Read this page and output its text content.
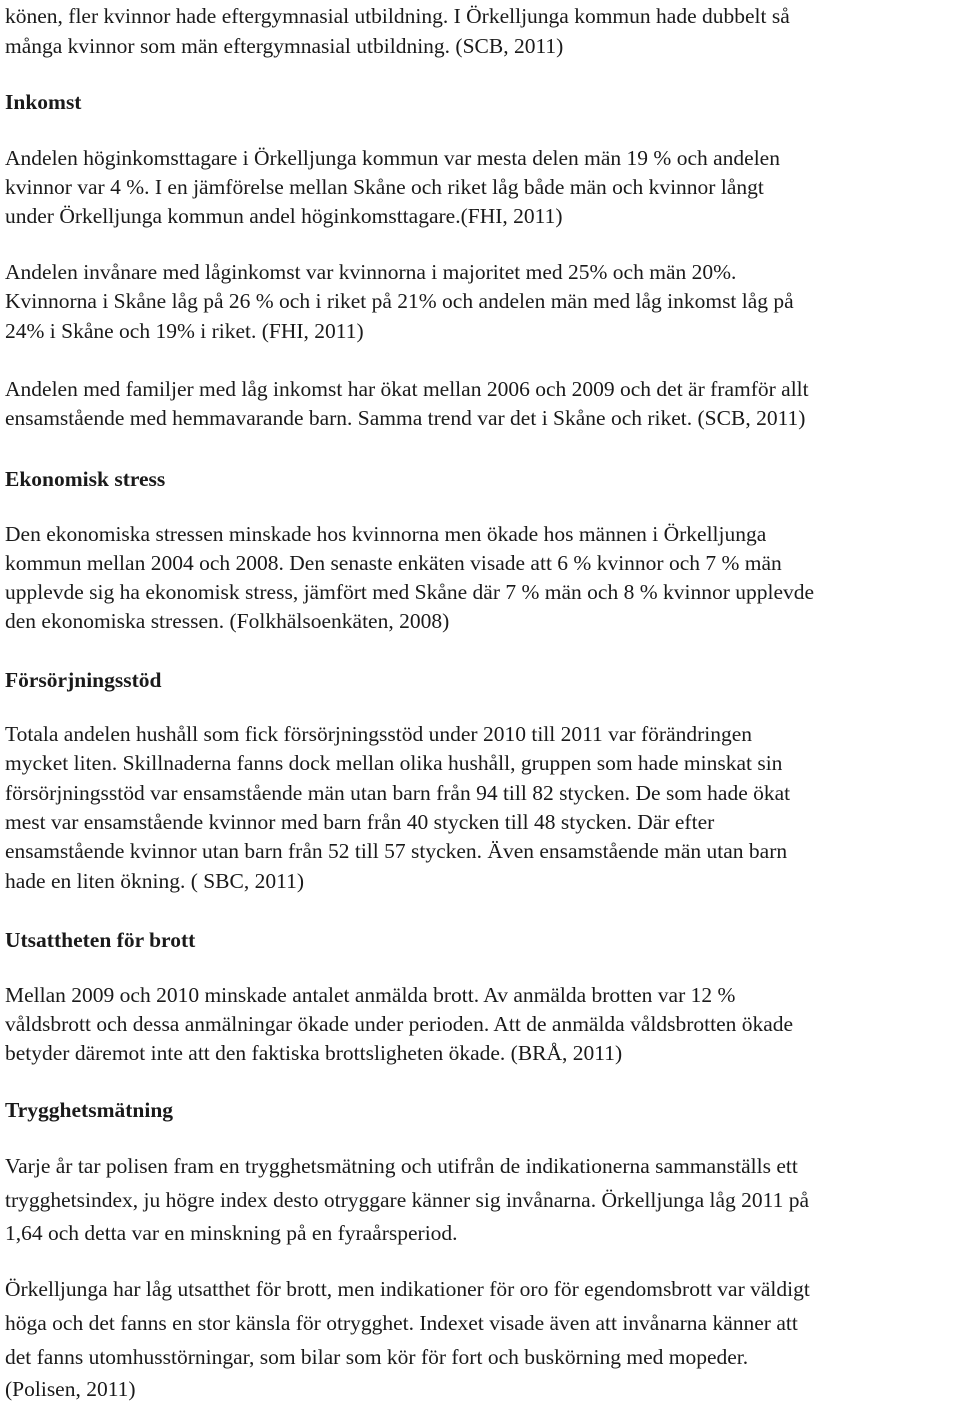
könen, fler kvinnor hade eftergymnasial utbildning. I Örkelljunga kommun hade dubbelt så
många kvinnor som män eftergymnasial utbildning. (SCB, 2011)
Inkomst
Andelen höginkomsttagare i Örkelljunga kommun var mesta delen män 19 % och andelen
kvinnor var 4 %. I en jämförelse mellan Skåne och riket låg både män och kvinnor långt
under Örkelljunga kommun andel höginkomsttagare.(FHI, 2011)
Andelen invånare med låginkomst var kvinnorna i majoritet med 25% och män 20%.
Kvinnorna i Skåne låg på 26 % och i riket på 21% och andelen män med låg inkomst låg på
24% i Skåne och 19% i riket. (FHI, 2011)
Andelen med familjer med låg inkomst har ökat mellan 2006 och 2009 och det är framför allt
ensamstående med hemmavarande barn. Samma trend var det i Skåne och riket. (SCB, 2011)
Ekonomisk stress
Den ekonomiska stressen minskade hos kvinnorna men ökade hos männen i Örkelljunga
kommun mellan 2004 och 2008. Den senaste enkäten visade att 6 % kvinnor och 7 % män
upplevde sig ha ekonomisk stress, jämfört med Skåne där 7 % män och 8 % kvinnor upplevde
den ekonomiska stressen. (Folkhälsoenkäten, 2008)
Försörjningsstöd
Totala andelen hushåll som fick försörjningsstöd under 2010 till 2011 var förändringen
mycket liten. Skillnaderna fanns dock mellan olika hushåll, gruppen som hade minskat sin
försörjningsstöd var ensamstående män utan barn från 94 till 82 stycken. De som hade ökat
mest var ensamstående kvinnor med barn från 40 stycken till 48 stycken. Där efter
ensamstående kvinnor utan barn från 52 till 57 stycken. Även ensamstående män utan barn
hade en liten ökning. ( SBC, 2011)
Utsattheten för brott
Mellan 2009 och 2010 minskade antalet anmälda brott. Av anmälda brotten var 12 %
våldsbrott och dessa anmälningar ökade under perioden. Att de anmälda våldsbrotten ökade
betyder däremot inte att den faktiska brottsligheten ökade. (BRÅ, 2011)
Trygghetsmätning
Varje år tar polisen fram en trygghetsmätning och utifrån de indikationerna sammanställs ett
trygghetsindex, ju högre index desto otryggare känner sig invånarna. Örkelljunga låg 2011 på
1,64 och detta var en minskning på en fyraårsperiod.
Örkelljunga har låg utsatthet för brott, men indikationer för oro för egendomsbrott var väldigt
höga och det fanns en stor känsla för otrygghet. Indexet visade även att invånarna känner att
det fanns utomhusstörningar, som bilar som kör för fort och buskörning med mopeder.
(Polisen, 2011)
